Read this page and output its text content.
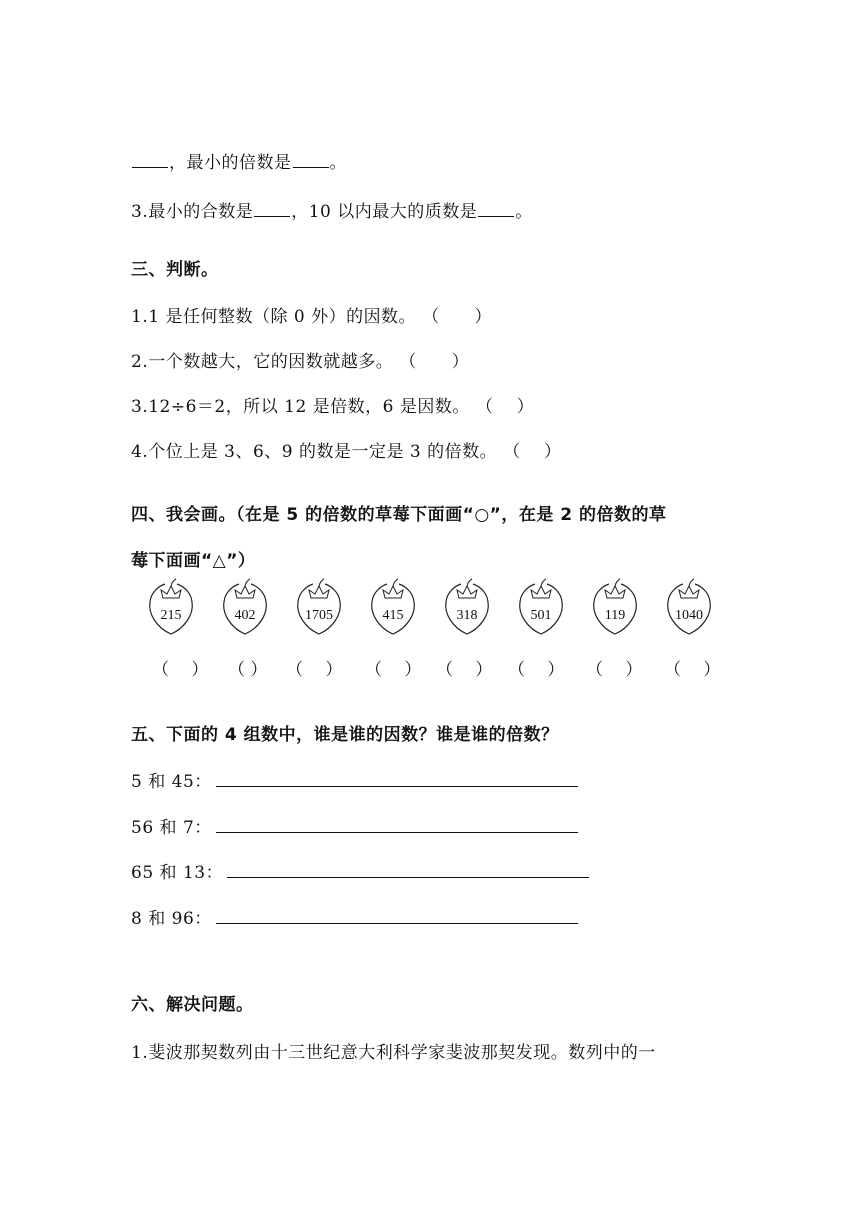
，最小的倍数是 。
3.最小的合数是 ，10 以内最大的质数是 。
三、判断。
1.1 是任何整数（除 0 外）的因数。 （　　）
2.一个数越大，它的因数就越多。 （　　）
3.12÷6＝2，所以 12 是倍数，6 是因数。 （　 ）
4.个位上是 3、6、9 的数是一定是 3 的倍数。 （　 ）
四、我会画。（在是 5 的倍数的草莓下面画“○”，在是 2 的倍数的草
莓下面画“△”）
215	402	1705	415	318	501	119	1040
（　 ） （ ） （　 ） （　 ） （　 ） （　 ） （　 ） （　 ）
五、下面的 4 组数中，谁是谁的因数？谁是谁的倍数？
5 和 45：
56 和 7：
65 和 13：
8 和 96：
六、解决问题。
1.斐波那契数列由十三世纪意大利科学家斐波那契发现。数列中的一
